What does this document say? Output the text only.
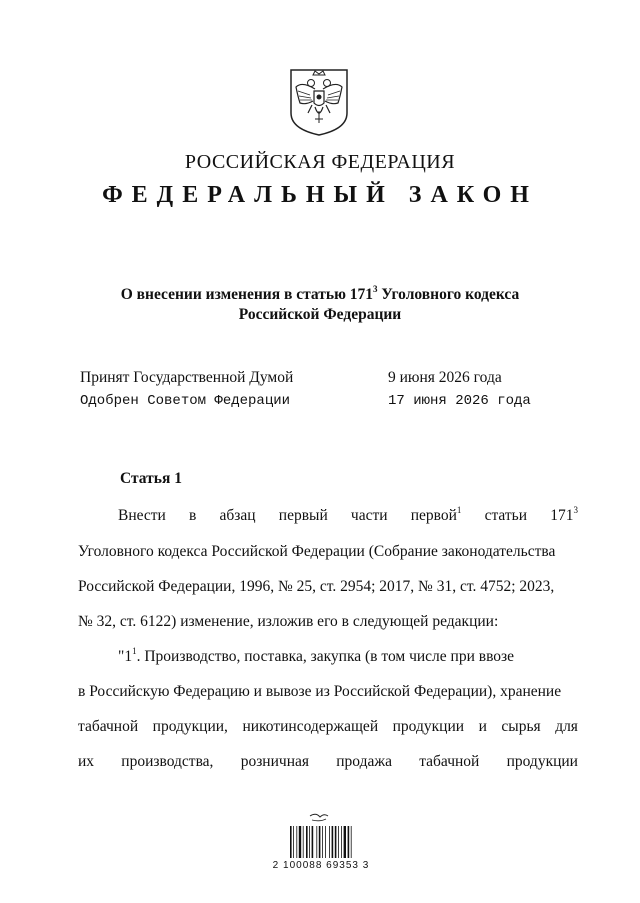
РОССИЙСКАЯ ФЕДЕРАЦИЯ
ФЕДЕРАЛЬНЫЙ ЗАКОН
О внесении изменения в статью $171^3$ Уголовного кодекса
Российской Федерации
Принят Государственной Думой	9 июня 2026 года
Одобрен Советом Федерации	17 июня 2026 года
Статья 1
Внести в абзац первый части первой$^1$ статьи $171^3$
Уголовного кодекса Российской Федерации (Собрание законодательства
Российской Федерации, 1996, № 25, ст. 2954; 2017, № 31, ст. 4752; 2023,
№ 32, ст. 6122) изменение, изложив его в следующей редакции:
"$1^1$. Производство, поставка, закупка (в том числе при ввозе
в Российскую Федерацию и вывозе из Российской Федерации), хранение
табачной продукции, никотинсодержащей продукции и сырья для
их производства, розничная продажа табачной продукции
2 100088 69353 3
